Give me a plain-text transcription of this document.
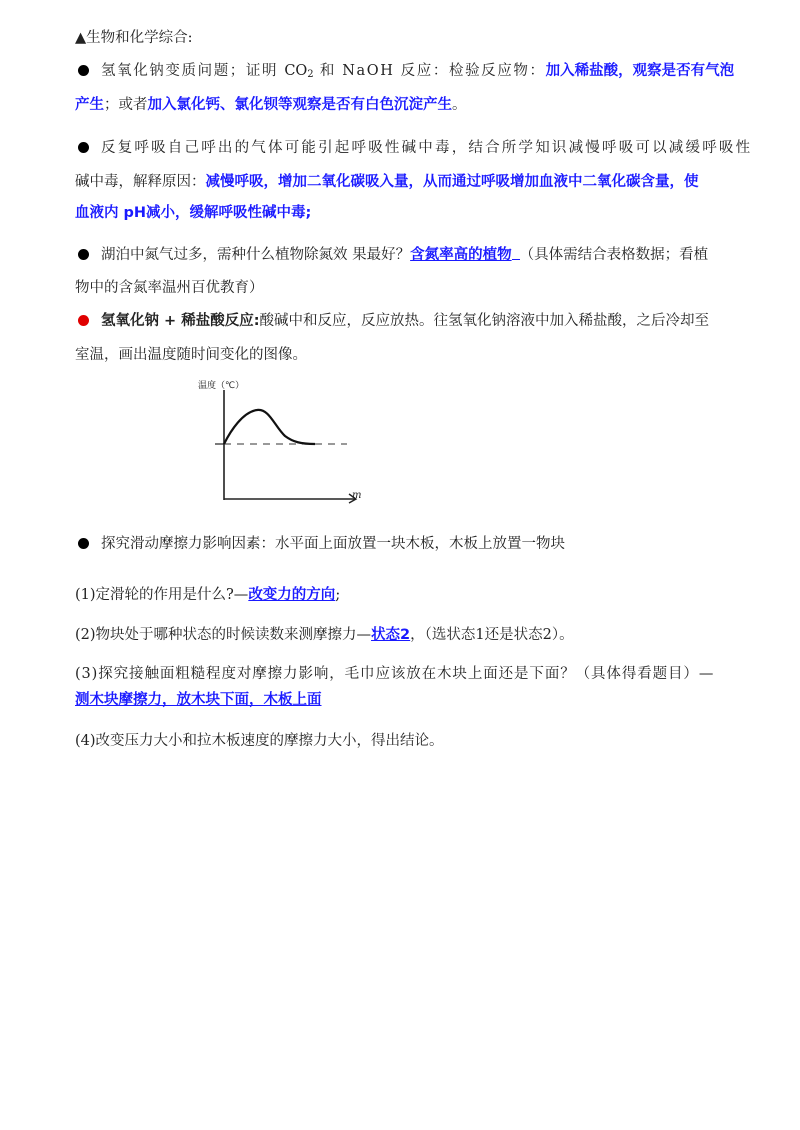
▲生物和化学综合:
氢氧化钠变质问题；证明 $CO_2$ 和 NaOH 反应：检验反应物：加入稀盐酸，观察是否有气泡
产生；或者加入氯化钙、氯化钡等观察是否有白色沉淀产生。
反复呼吸自己呼出的气体可能引起呼吸性碱中毒，结合所学知识减慢呼吸可以减缓呼吸性
碱中毒，解释原因：减慢呼吸，增加二氧化碳吸入量，从而通过呼吸增加血液中二氧化碳含量，使
血液内 pH减小，缓解呼吸性碱中毒;
湖泊中氮气过多，需种什么植物除氮效 果最好？含氮率高的植物 （具体需结合表格数据；看植
物中的含氮率温州百优教育）
氢氧化钠 + 稀盐酸反应:酸碱中和反应，反应放热。往氢氧化钠溶液中加入稀盐酸，之后冷却至
室温，画出温度随时间变化的图像。
温度（℃）
m
探究滑动摩擦力影响因素：水平面上面放置一块木板，木板上放置一物块
(1)定滑轮的作用是什么?—改变力的方向;
(2)物块处于哪种状态的时候读数来测摩擦力—状态2，（选状态1还是状态2）。
(3)探究接触面粗糙程度对摩擦力影响，毛巾应该放在木块上面还是下面？（具体得看题目）—
测木块摩擦力，放木块下面，木板上面
(4)改变压力大小和拉木板速度的摩擦力大小，得出结论。
